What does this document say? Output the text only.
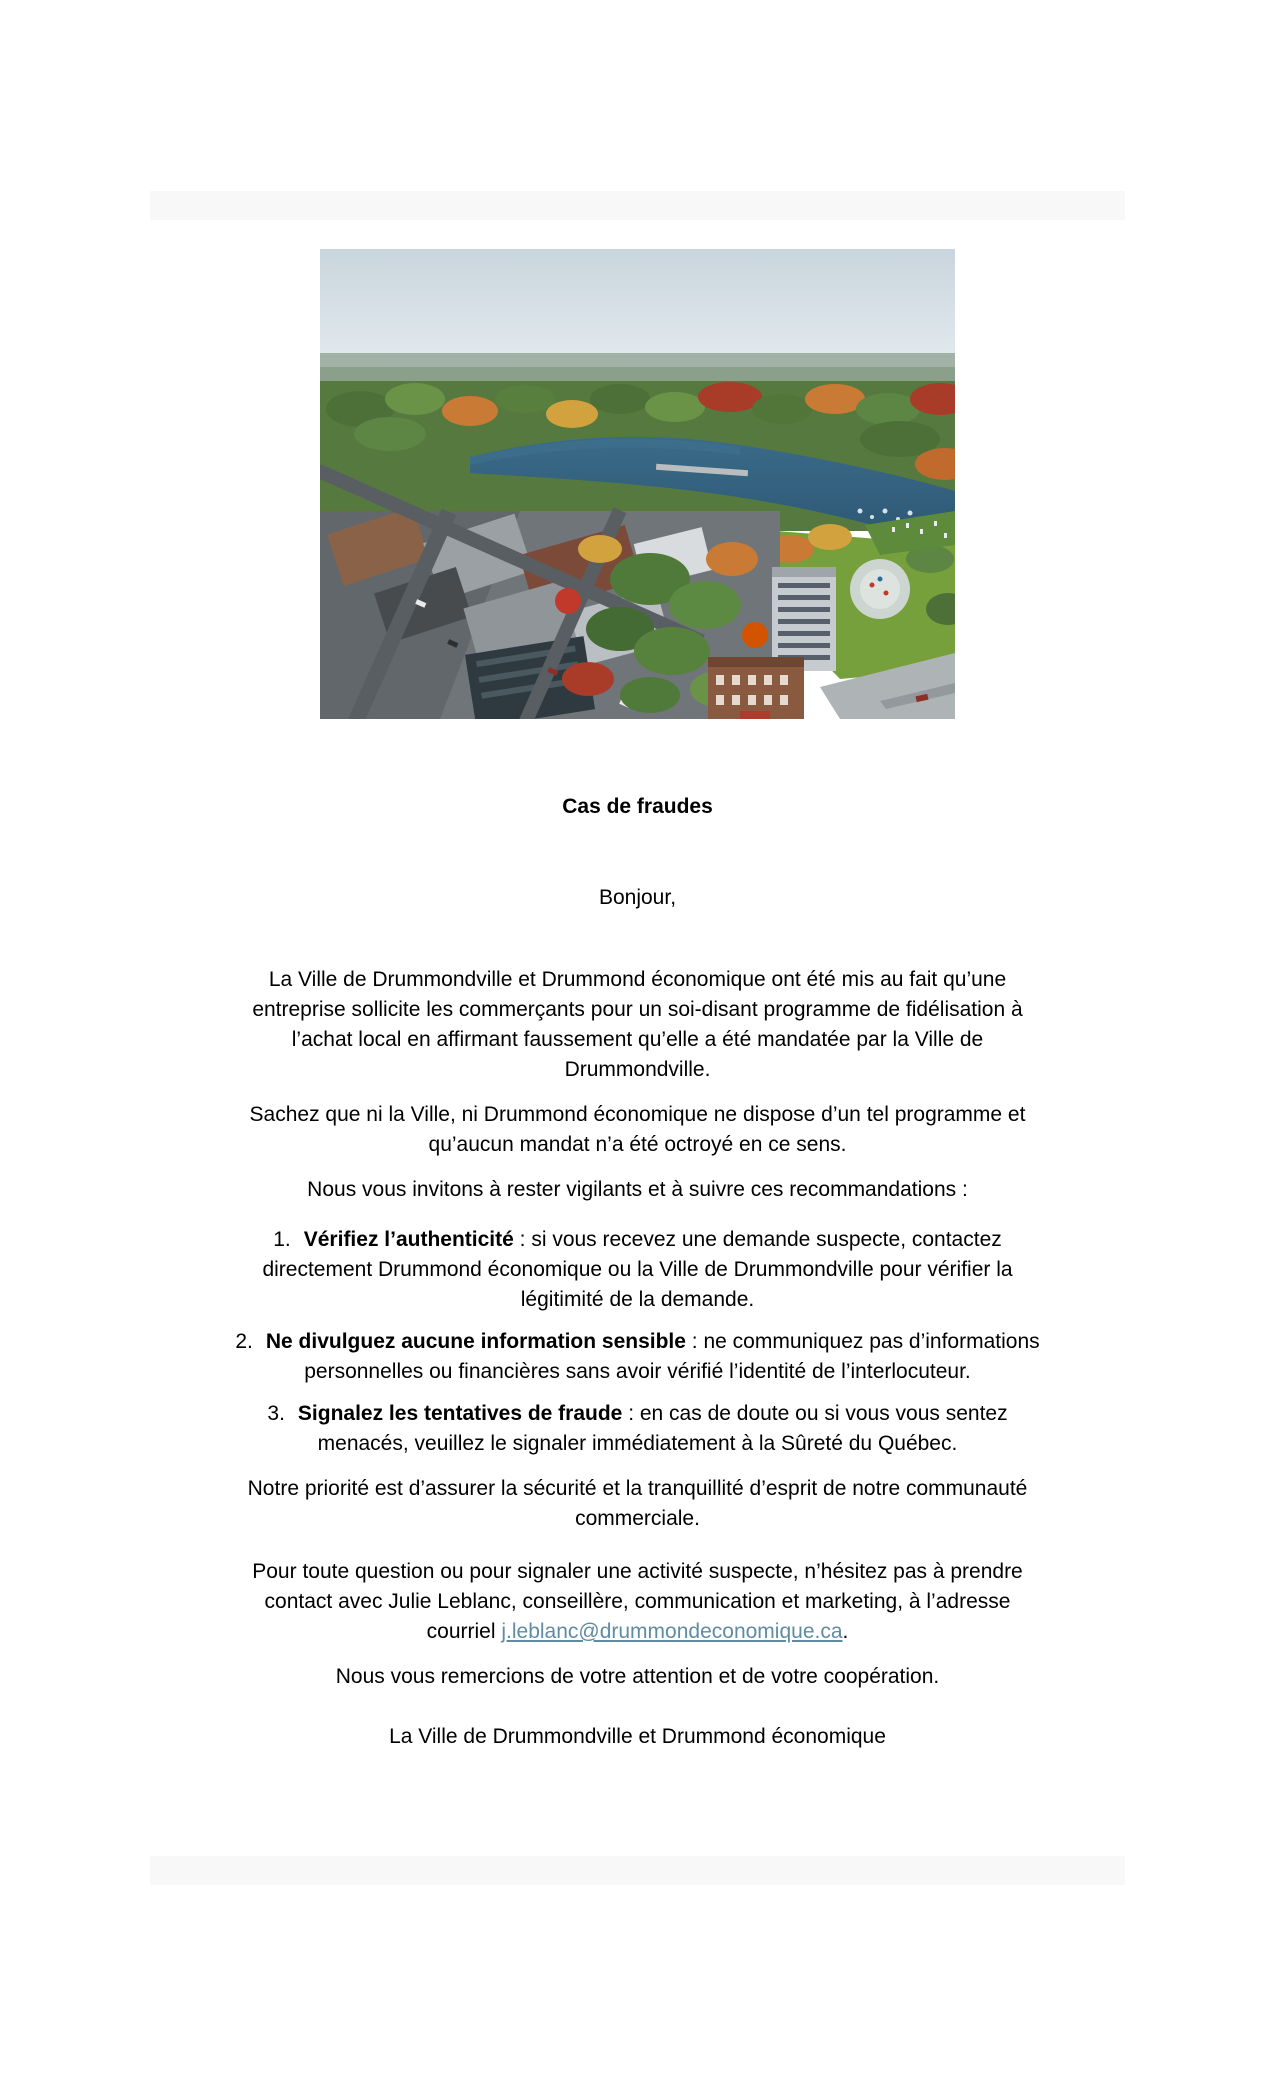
Cas de fraudes

Bonjour,

La Ville de Drummondville et Drummond économique ont été mis au fait qu’une entreprise sollicite les commerçants pour un soi-disant programme de fidélisation à l’achat local en affirmant faussement qu’elle a été mandatée par la Ville de Drummondville.

Sachez que ni la Ville, ni Drummond économique ne dispose d’un tel programme et qu’aucun mandat n’a été octroyé en ce sens.

Nous vous invitons à rester vigilants et à suivre ces recommandations :

1. Vérifiez l’authenticité : si vous recevez une demande suspecte, contactez directement Drummond économique ou la Ville de Drummondville pour vérifier la légitimité de la demande.

2. Ne divulguez aucune information sensible : ne communiquez pas d’informations personnelles ou financières sans avoir vérifié l’identité de l’interlocuteur.

3. Signalez les tentatives de fraude : en cas de doute ou si vous vous sentez menacés, veuillez le signaler immédiatement à la Sûreté du Québec.

Notre priorité est d’assurer la sécurité et la tranquillité d’esprit de notre communauté commerciale.

Pour toute question ou pour signaler une activité suspecte, n’hésitez pas à prendre contact avec Julie Leblanc, conseillère, communication et marketing, à l’adresse courriel j.leblanc@drummondeconomique.ca.

Nous vous remercions de votre attention et de votre coopération.

La Ville de Drummondville et Drummond économique
